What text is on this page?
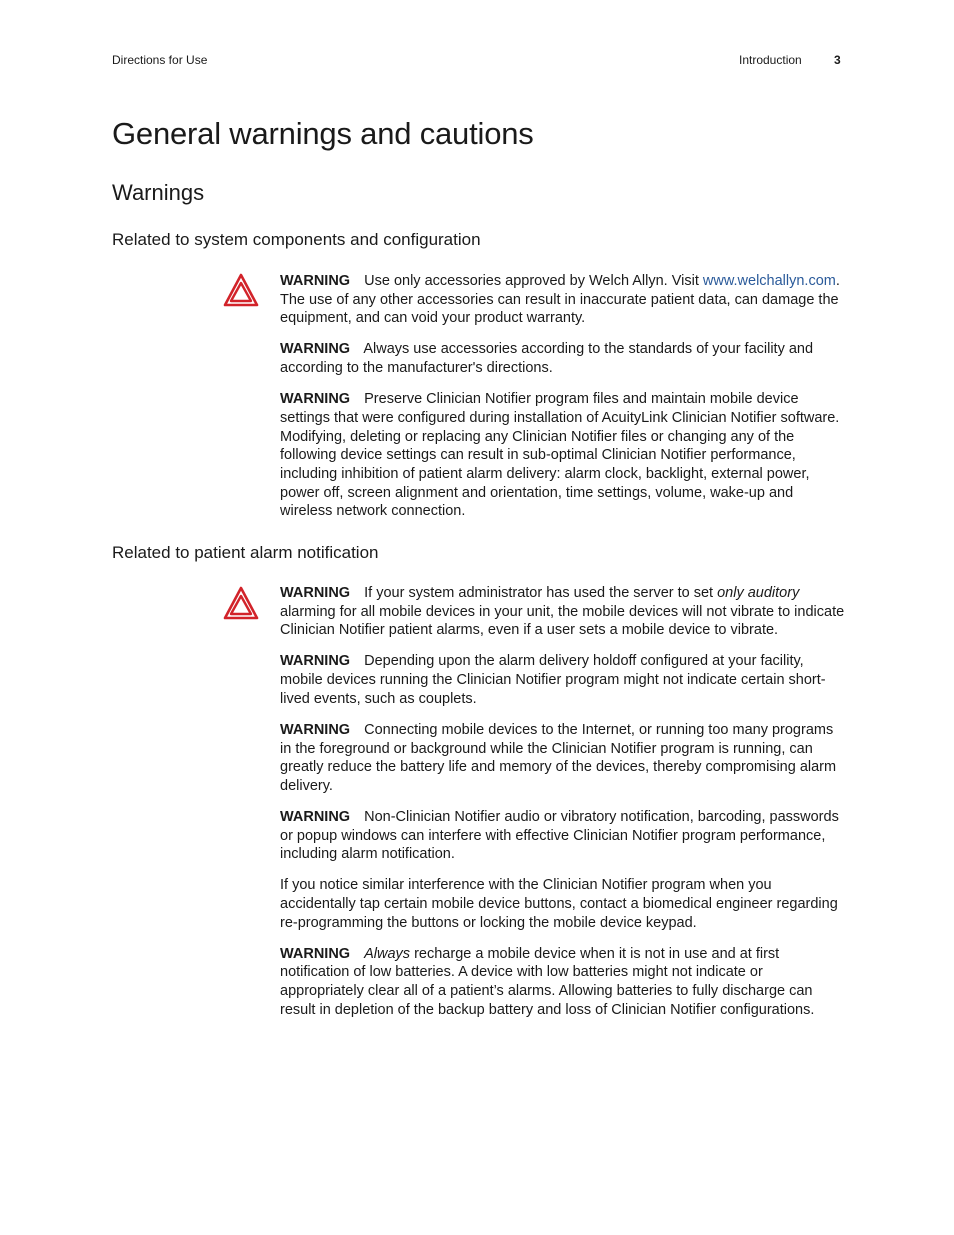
Directions for Use	Introduction	3
General warnings and cautions
Warnings
Related to system components and configuration

WARNING Use only accessories approved by Welch Allyn. Visit www.welchallyn.com. The use of any other accessories can result in inaccurate patient data, can damage the equipment, and can void your product warranty.

WARNING Always use accessories according to the standards of your facility and according to the manufacturer's directions.

WARNING Preserve Clinician Notifier program files and maintain mobile device settings that were configured during installation of AcuityLink Clinician Notifier software. Modifying, deleting or replacing any Clinician Notifier files or changing any of the following device settings can result in sub-optimal Clinician Notifier performance, including inhibition of patient alarm delivery: alarm clock, backlight, external power, power off, screen alignment and orientation, time settings, volume, wake-up and wireless network connection.

Related to patient alarm notification

WARNING If your system administrator has used the server to set only auditory alarming for all mobile devices in your unit, the mobile devices will not vibrate to indicate Clinician Notifier patient alarms, even if a user sets a mobile device to vibrate.

WARNING Depending upon the alarm delivery holdoff configured at your facility, mobile devices running the Clinician Notifier program might not indicate certain short-lived events, such as couplets.

WARNING Connecting mobile devices to the Internet, or running too many programs in the foreground or background while the Clinician Notifier program is running, can greatly reduce the battery life and memory of the devices, thereby compromising alarm delivery.

WARNING Non-Clinician Notifier audio or vibratory notification, barcoding, passwords or popup windows can interfere with effective Clinician Notifier program performance, including alarm notification.

If you notice similar interference with the Clinician Notifier program when you accidentally tap certain mobile device buttons, contact a biomedical engineer regarding re-programming the buttons or locking the mobile device keypad.

WARNING Always recharge a mobile device when it is not in use and at first notification of low batteries. A device with low batteries might not indicate or appropriately clear all of a patient’s alarms. Allowing batteries to fully discharge can result in depletion of the backup battery and loss of Clinician Notifier configurations.
